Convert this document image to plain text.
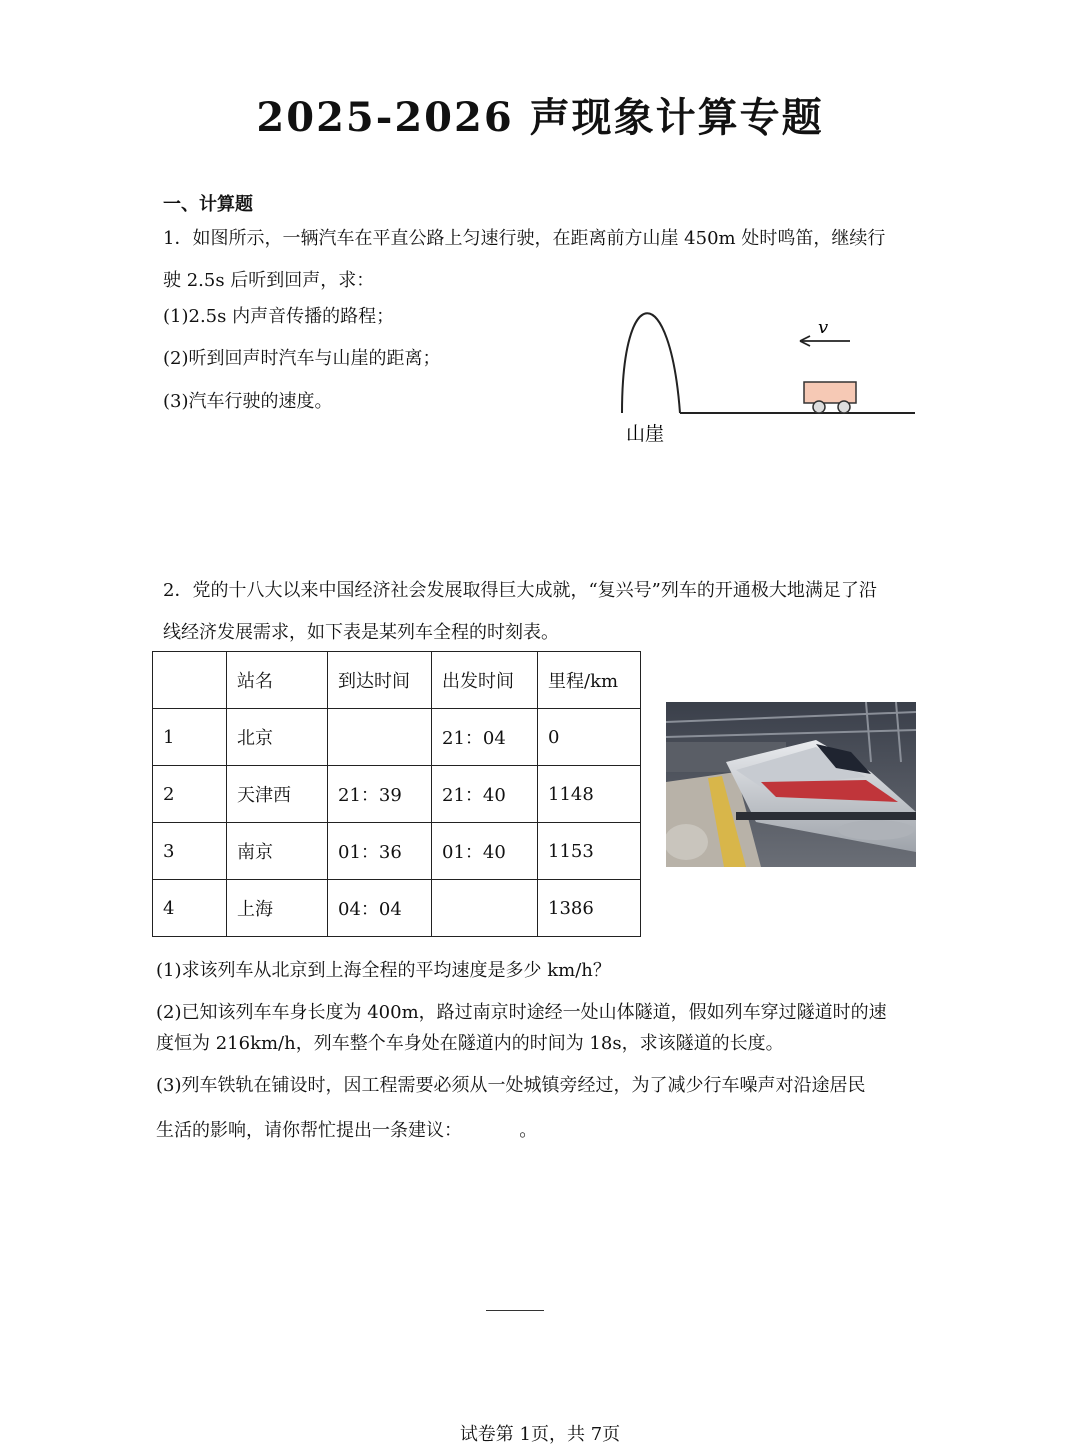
2025-2026 声现象计算专题
一、计算题
1．如图所示，一辆汽车在平直公路上匀速行驶，在距离前方山崖 450m 处时鸣笛，继续行
驶 2.5s 后听到回声，求：
(1)2.5s 内声音传播的路程；
(2)听到回声时汽车与山崖的距离；
(3)汽车行驶的速度。
v
山崖
2．党的十八大以来中国经济社会发展取得巨大成就，“复兴号”列车的开通极大地满足了沿
线经济发展需求，如下表是某列车全程的时刻表。
	站名	到达时间	出发时间	里程/km
1	北京		21：04	0
2	天津西	21：39	21：40	1148
3	南京	01：36	01：40	1153
4	上海	04：04		1386
(1)求该列车从北京到上海全程的平均速度是多少 km/h？
(2)已知该列车车身长度为 400m，路过南京时途经一处山体隧道，假如列车穿过隧道时的速
度恒为 216km/h，列车整个车身处在隧道内的时间为 18s，求该隧道的长度。
(3)列车铁轨在铺设时，因工程需要必须从一处城镇旁经过，为了减少行车噪声对沿途居民
生活的影响，请你帮忙提出一条建议：          。
试卷第 1页，共 7页
